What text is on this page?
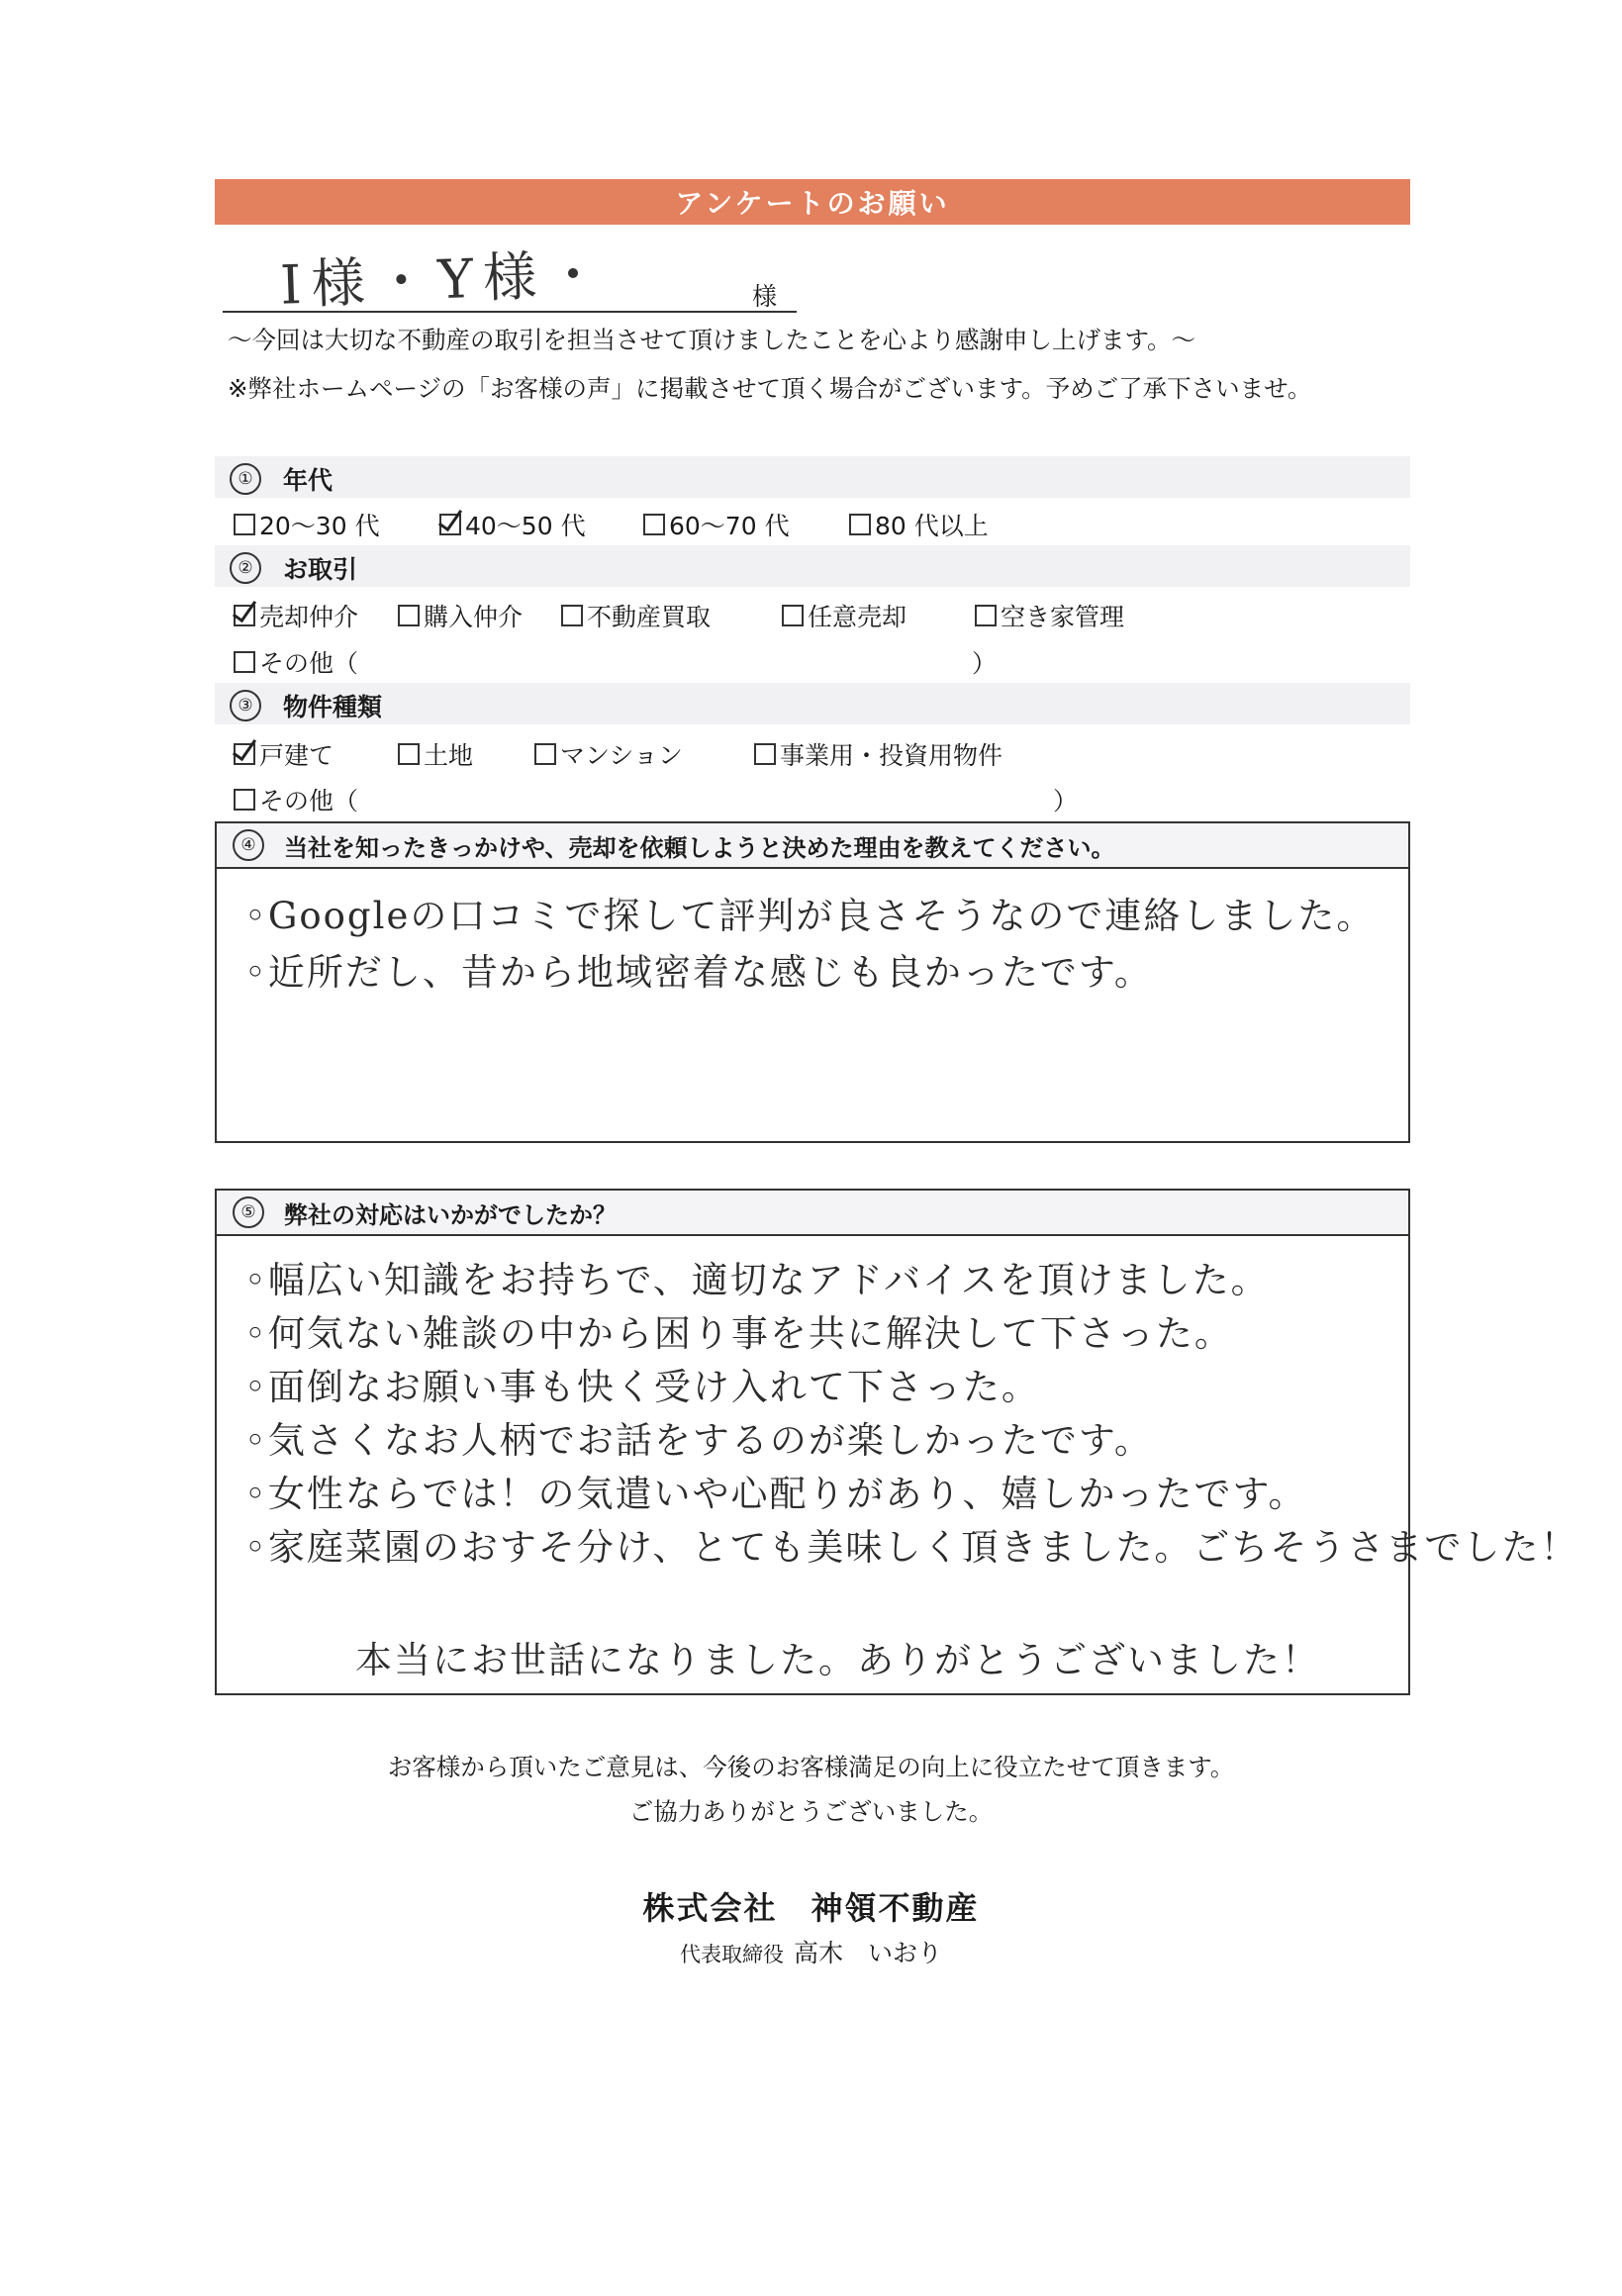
アンケートのお願い
I様・Y様・	様
〜今回は大切な不動産の取引を担当させて頂けましたことを心より感謝申し上げます。〜
※弊社ホームページの「お客様の声」に掲載させて頂く場合がございます。予めご了承下さいませ。
①	年代
20〜30 代	40〜50 代	60〜70 代	80 代以上
②	お取引
売却仲介	購入仲介	不動産買取	任意売却	空き家管理
その他（	）
③	物件種類
戸建て	土地	マンション	事業用・投資用物件
その他（	）
④	当社を知ったきっかけや、売却を依頼しようと決めた理由を教えてください。
◦Googleの口コミで探して評判が良さそうなので連絡しました。
◦近所だし、昔から地域密着な感じも良かったです。
⑤	弊社の対応はいかがでしたか？
◦幅広い知識をお持ちで、適切なアドバイスを頂けました。
◦何気ない雑談の中から困り事を共に解決して下さった。
◦面倒なお願い事も快く受け入れて下さった。
◦気さくなお人柄でお話をするのが楽しかったです。
◦女性ならでは！の気遣いや心配りがあり、嬉しかったです。
◦家庭菜園のおすそ分け、とても美味しく頂きました。ごちそうさまでした！
本当にお世話になりました。ありがとうございました！
お客様から頂いたご意見は、今後のお客様満足の向上に役立たせて頂きます。
ご協力ありがとうございました。
株式会社　神領不動産
代表取締役 高木　いおり
